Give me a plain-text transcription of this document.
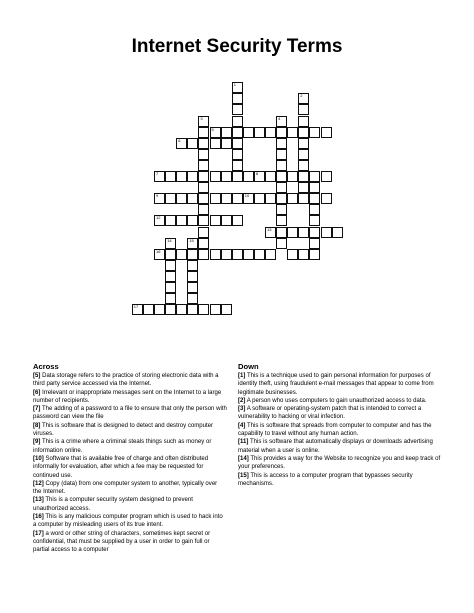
Internet Security Terms
1
2
3	4
5
6
7	8
9	10
12
13
14	15
16
17
Across

[5] Data storage refers to the practice of storing electronic data with a third party service accessed via the Internet.

[6] Irrelevant or inappropriate messages sent on the Internet to a large number of recipients.

[7] The adding of a password to a file to ensure that only the person with password can view the file

[8] This is software that is designed to detect and destroy computer viruses.

[9] This is a crime where a criminal steals things such as money or information online.

[10] Software that is available free of charge and often distributed informally for evaluation, after which a fee may be requested for continued use.

[12] Copy (data) from one computer system to another, typically over the Internet.

[13] This is a computer security system designed to prevent unauthorized access.

[16] This is any malicious computer program which is used to hack into a computer by misleading users of its true intent.

[17] a word or other string of characters, sometimes kept secret or confidential, that must be supplied by a user in order to gain full or partial access to a computer

Down

[1] This is a technique used to gain personal information for purposes of identity theft, using fraudulent e-mail messages that appear to come from legitimate businesses.

[2] A person who uses computers to gain unauthorized access to data.

[3] A software or operating-system patch that is intended to correct a vulnerability to hacking or viral infection.

[4] This is software that spreads from computer to computer and has the capability to travel without any human action.

[11] This is software that automatically displays or downloads advertising material when a user is online.

[14] This provides a way for the Website to recognize you and keep track of your preferences.

[15] This is access to a computer program that bypasses security mechanisms.
